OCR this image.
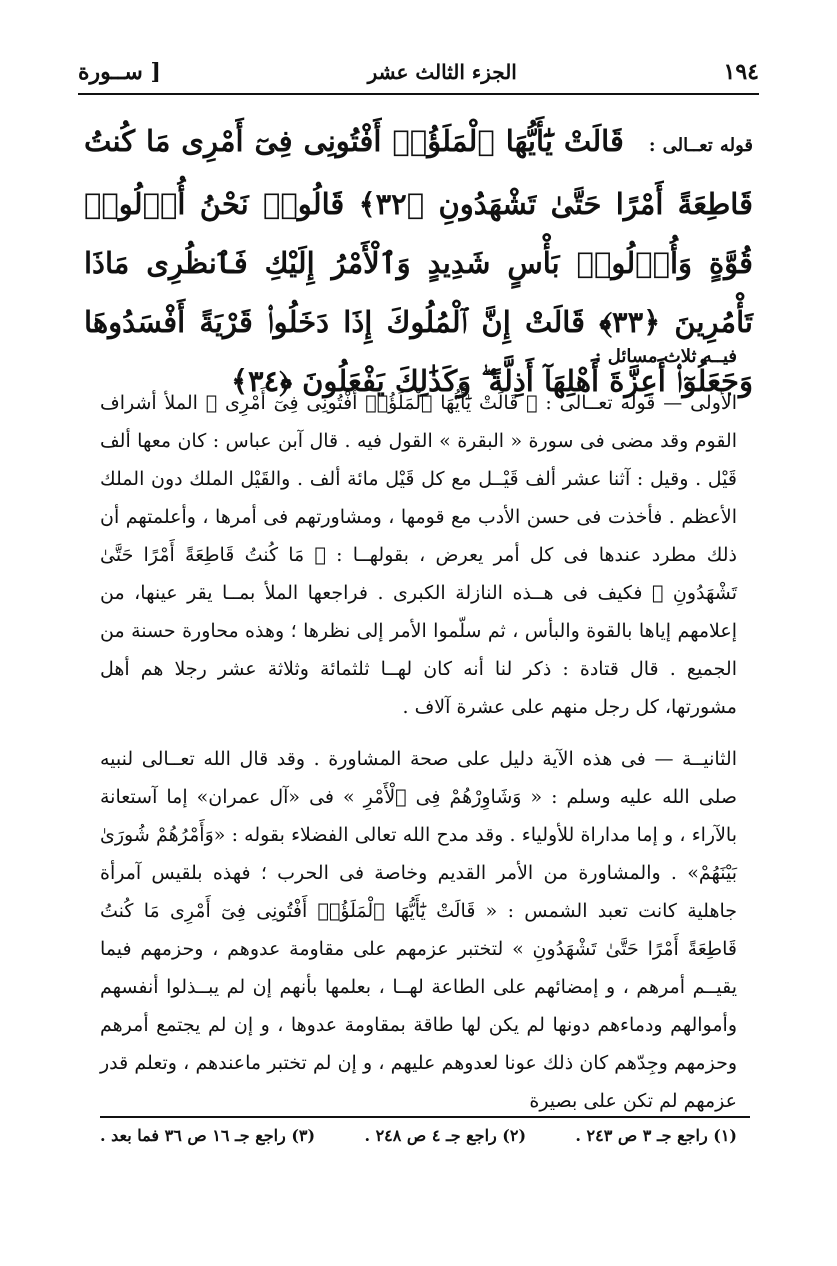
١٩٤
الجزء الثالث عشر
[ ســورة
قوله تعــالى : قَالَتْ يَٰٓأَيُّهَا ٱلْمَلَؤُا۟ أَفْتُونِى فِىٓ أَمْرِى مَا كُنتُ قَاطِعَةً أَمْرًا حَتَّىٰ تَشْهَدُونِ ﴿٣٢﴾ قَالُوا۟ نَحْنُ أُو۟لُوا۟ قُوَّةٍ وَأُو۟لُوا۟ بَأْسٍ شَدِيدٍ وَٱلْأَمْرُ إِلَيْكِ فَٱنظُرِى مَاذَا تَأْمُرِينَ ﴿٣٣﴾ قَالَتْ إِنَّ ٱلْمُلُوكَ إِذَا دَخَلُوا۟ قَرْيَةً أَفْسَدُوهَا وَجَعَلُوٓا۟ أَعِزَّةَ أَهْلِهَآ أَذِلَّةً ۖ وَكَذَٰلِكَ يَفْعَلُونَ ﴿٣٤﴾
فيــه ثلاث مسائل :

الأولى — قوله تعــالى : ﴿ قَالَتْ يَٰٓأَيُّهَا ٱلْمَلَؤُا۟ أَفْتُونِى فِىٓ أَمْرِى ﴾ الملأ أشراف القوم وقد مضى فى سورة « البقرة » القول فيه . قال آبن عباس : كان معها ألف قَيْل . وقيل : آثنا عشر ألف قَيْــل مع كل قَيْل مائة ألف . والقَيْل الملك دون الملك الأعظم . فأخذت فى حسن الأدب مع قومها ، ومشاورتهم فى أمرها ، وأعلمتهم أن ذلك مطرد عندها فى كل أمر يعرض ، بقولهــا : ﴿ مَا كُنتُ قَاطِعَةً أَمْرًا حَتَّىٰ تَشْهَدُونِ ﴾ فكيف فى هــذه النازلة الكبرى . فراجعها الملأ بمــا يقر عينها، من إعلامهم إياها بالقوة والبأس ، ثم سلّموا الأمر إلى نظرها ؛ وهذه محاورة حسنة من الجميع . قال قتادة : ذكر لنا أنه كان لهــا ثلثمائة وثلاثة عشر رجلا هم أهل مشورتها، كل رجل منهم على عشرة آلاف .

الثانيــة — فى هذه الآية دليل على صحة المشاورة . وقد قال الله تعــالى لنبيه صلى الله عليه وسلم : « وَشَاوِرْهُمْ فِى ٱلْأَمْرِ » فى «آل عمران» إما آستعانة بالآراء ، و إما مداراة للأولياء . وقد مدح الله تعالى الفضلاء بقوله : «وَأَمْرُهُمْ شُورَىٰ بَيْنَهُمْ» . والمشاورة من الأمر القديم وخاصة فى الحرب ؛ فهذه بلقيس آمرأة جاهلية كانت تعبد الشمس : « قَالَتْ يَٰٓأَيُّهَا ٱلْمَلَؤُا۟ أَفْتُونِى فِىٓ أَمْرِى مَا كُنتُ قَاطِعَةً أَمْرًا حَتَّىٰ تَشْهَدُونِ » لتختبر عزمهم على مقاومة عدوهم ، وحزمهم فيما يقيــم أمرهم ، و إمضائهم على الطاعة لهــا ، بعلمها بأنهم إن لم يبــذلوا أنفسهم وأموالهم ودماءهم دونها لم يكن لها طاقة بمقاومة عدوها ، و إن لم يجتمع أمرهم وحزمهم وجِدّهم كان ذلك عونا لعدوهم عليهم ، و إن لم تختبر ماعندهم ، وتعلم قدر عزمهم لم تكن على بصيرة

(١) راجع جـ ٣ ص ٢٤٣ .
(٢) راجع جـ ٤ ص ٢٤٨ .
(٣) راجع جـ ١٦ ص ٣٦ فما بعد .
